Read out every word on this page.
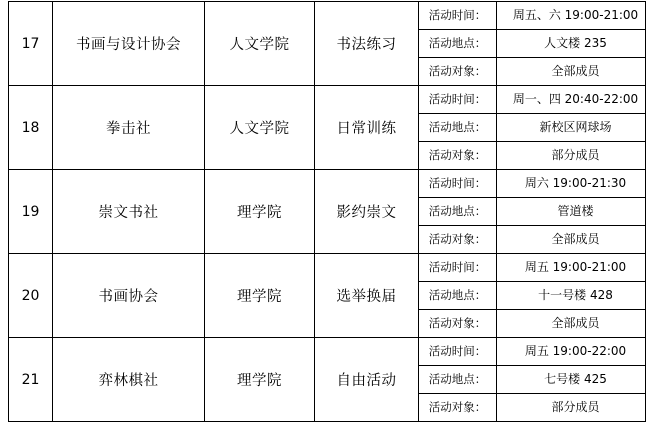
17	书画与设计协会	人文学院	书法练习	活动时间：	周五、六 19:00-21:00
				活动地点：	人文楼 235
				活动对象：	全部成员
18	拳击社	人文学院	日常训练	活动时间：	周一、四 20:40-22:00
				活动地点：	新校区网球场
				活动对象：	部分成员
19	崇文书社	理学院	影约崇文	活动时间：	周六 19:00-21:30
				活动地点：	管道楼
				活动对象：	全部成员
20	书画协会	理学院	选举换届	活动时间：	周五 19:00-21:00
				活动地点：	十一号楼 428
				活动对象：	全部成员
21	弈林棋社	理学院	自由活动	活动时间：	周五 19:00-22:00
				活动地点：	七号楼 425
				活动对象：	部分成员
